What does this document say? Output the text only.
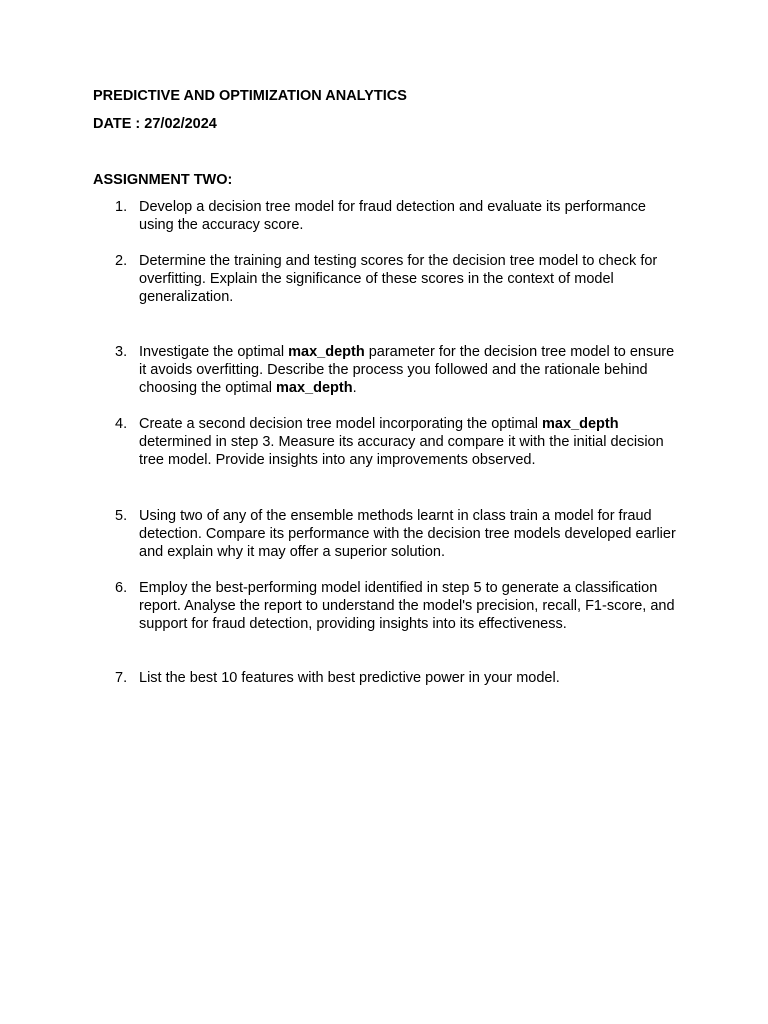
PREDICTIVE AND OPTIMIZATION ANALYTICS
DATE : 27/02/2024
ASSIGNMENT TWO:
1. Develop a decision tree model for fraud detection and evaluate its performance using the accuracy score.
2. Determine the training and testing scores for the decision tree model to check for overfitting. Explain the significance of these scores in the context of model generalization.
3. Investigate the optimal max_depth parameter for the decision tree model to ensure it avoids overfitting. Describe the process you followed and the rationale behind choosing the optimal max_depth.
4. Create a second decision tree model incorporating the optimal max_depth determined in step 3. Measure its accuracy and compare it with the initial decision tree model. Provide insights into any improvements observed.
5. Using two of any of the ensemble methods learnt in class train a model for fraud detection. Compare its performance with the decision tree models developed earlier and explain why it may offer a superior solution.
6. Employ the best-performing model identified in step 5 to generate a classification report. Analyse the report to understand the model's precision, recall, F1-score, and support for fraud detection, providing insights into its effectiveness.
7. List the best 10 features with best predictive power in your model.
